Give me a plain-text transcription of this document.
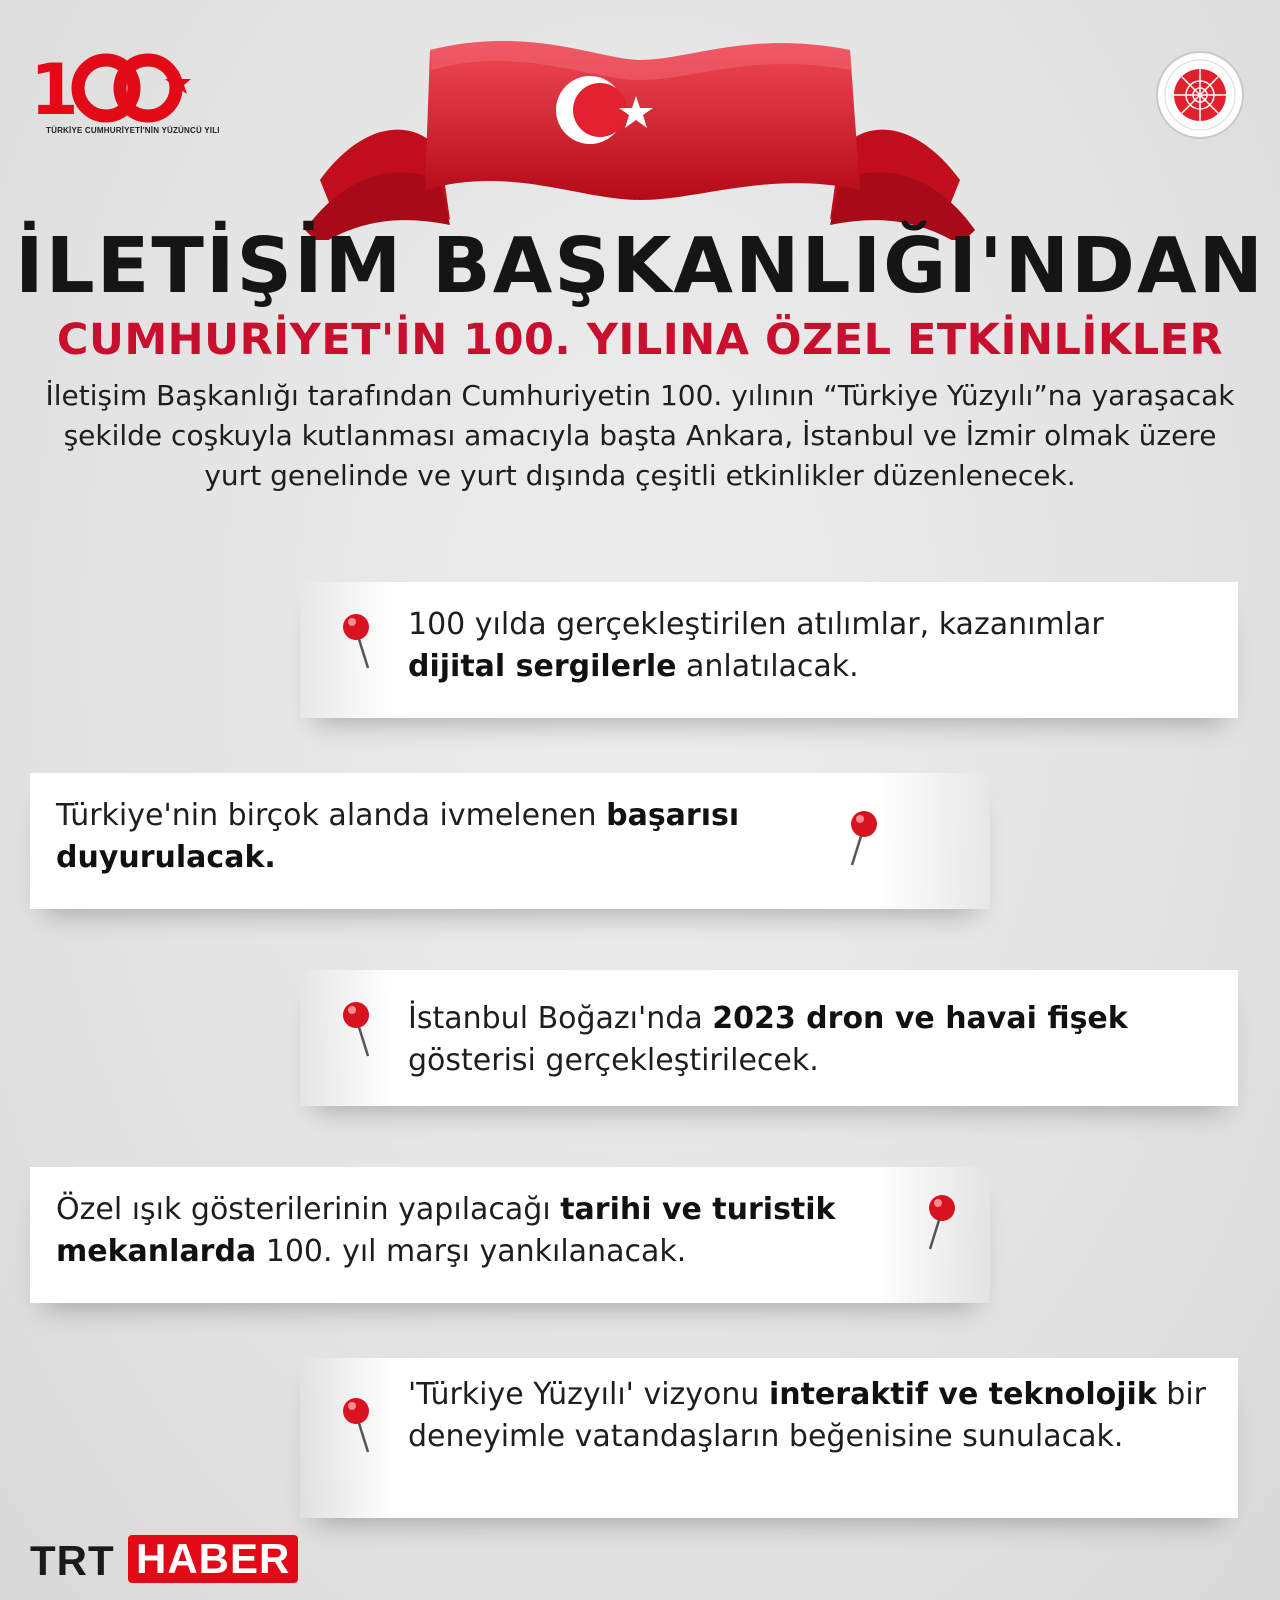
1
TÜRKİYE CUMHURİYETİ'NİN YÜZÜNCÜ YILI
İLETİŞİM BAŞKANLIĞI'NDAN
CUMHURİYET'İN 100. YILINA ÖZEL ETKİNLİKLER
İletişim Başkanlığı tarafından Cumhuriyetin 100. yılının “Türkiye Yüzyılı”na yaraşacak şekilde coşkuyla kutlanması amacıyla başta Ankara, İstanbul ve İzmir olmak üzere yurt genelinde ve yurt dışında çeşitli etkinlikler düzenlenecek.
100 yılda gerçekleştirilen atılımlar, kazanımlar dijital sergilerle anlatılacak.
Türkiye'nin birçok alanda ivmelenen başarısı duyurulacak.
İstanbul Boğazı'nda 2023 dron ve havai fişek gösterisi gerçekleştirilecek.
Özel ışık gösterilerinin yapılacağı tarihi ve turistik mekanlarda 100. yıl marşı yankılanacak.
'Türkiye Yüzyılı' vizyonu interaktif ve teknolojik bir deneyimle vatandaşların beğenisine sunulacak.
TRT HABER
